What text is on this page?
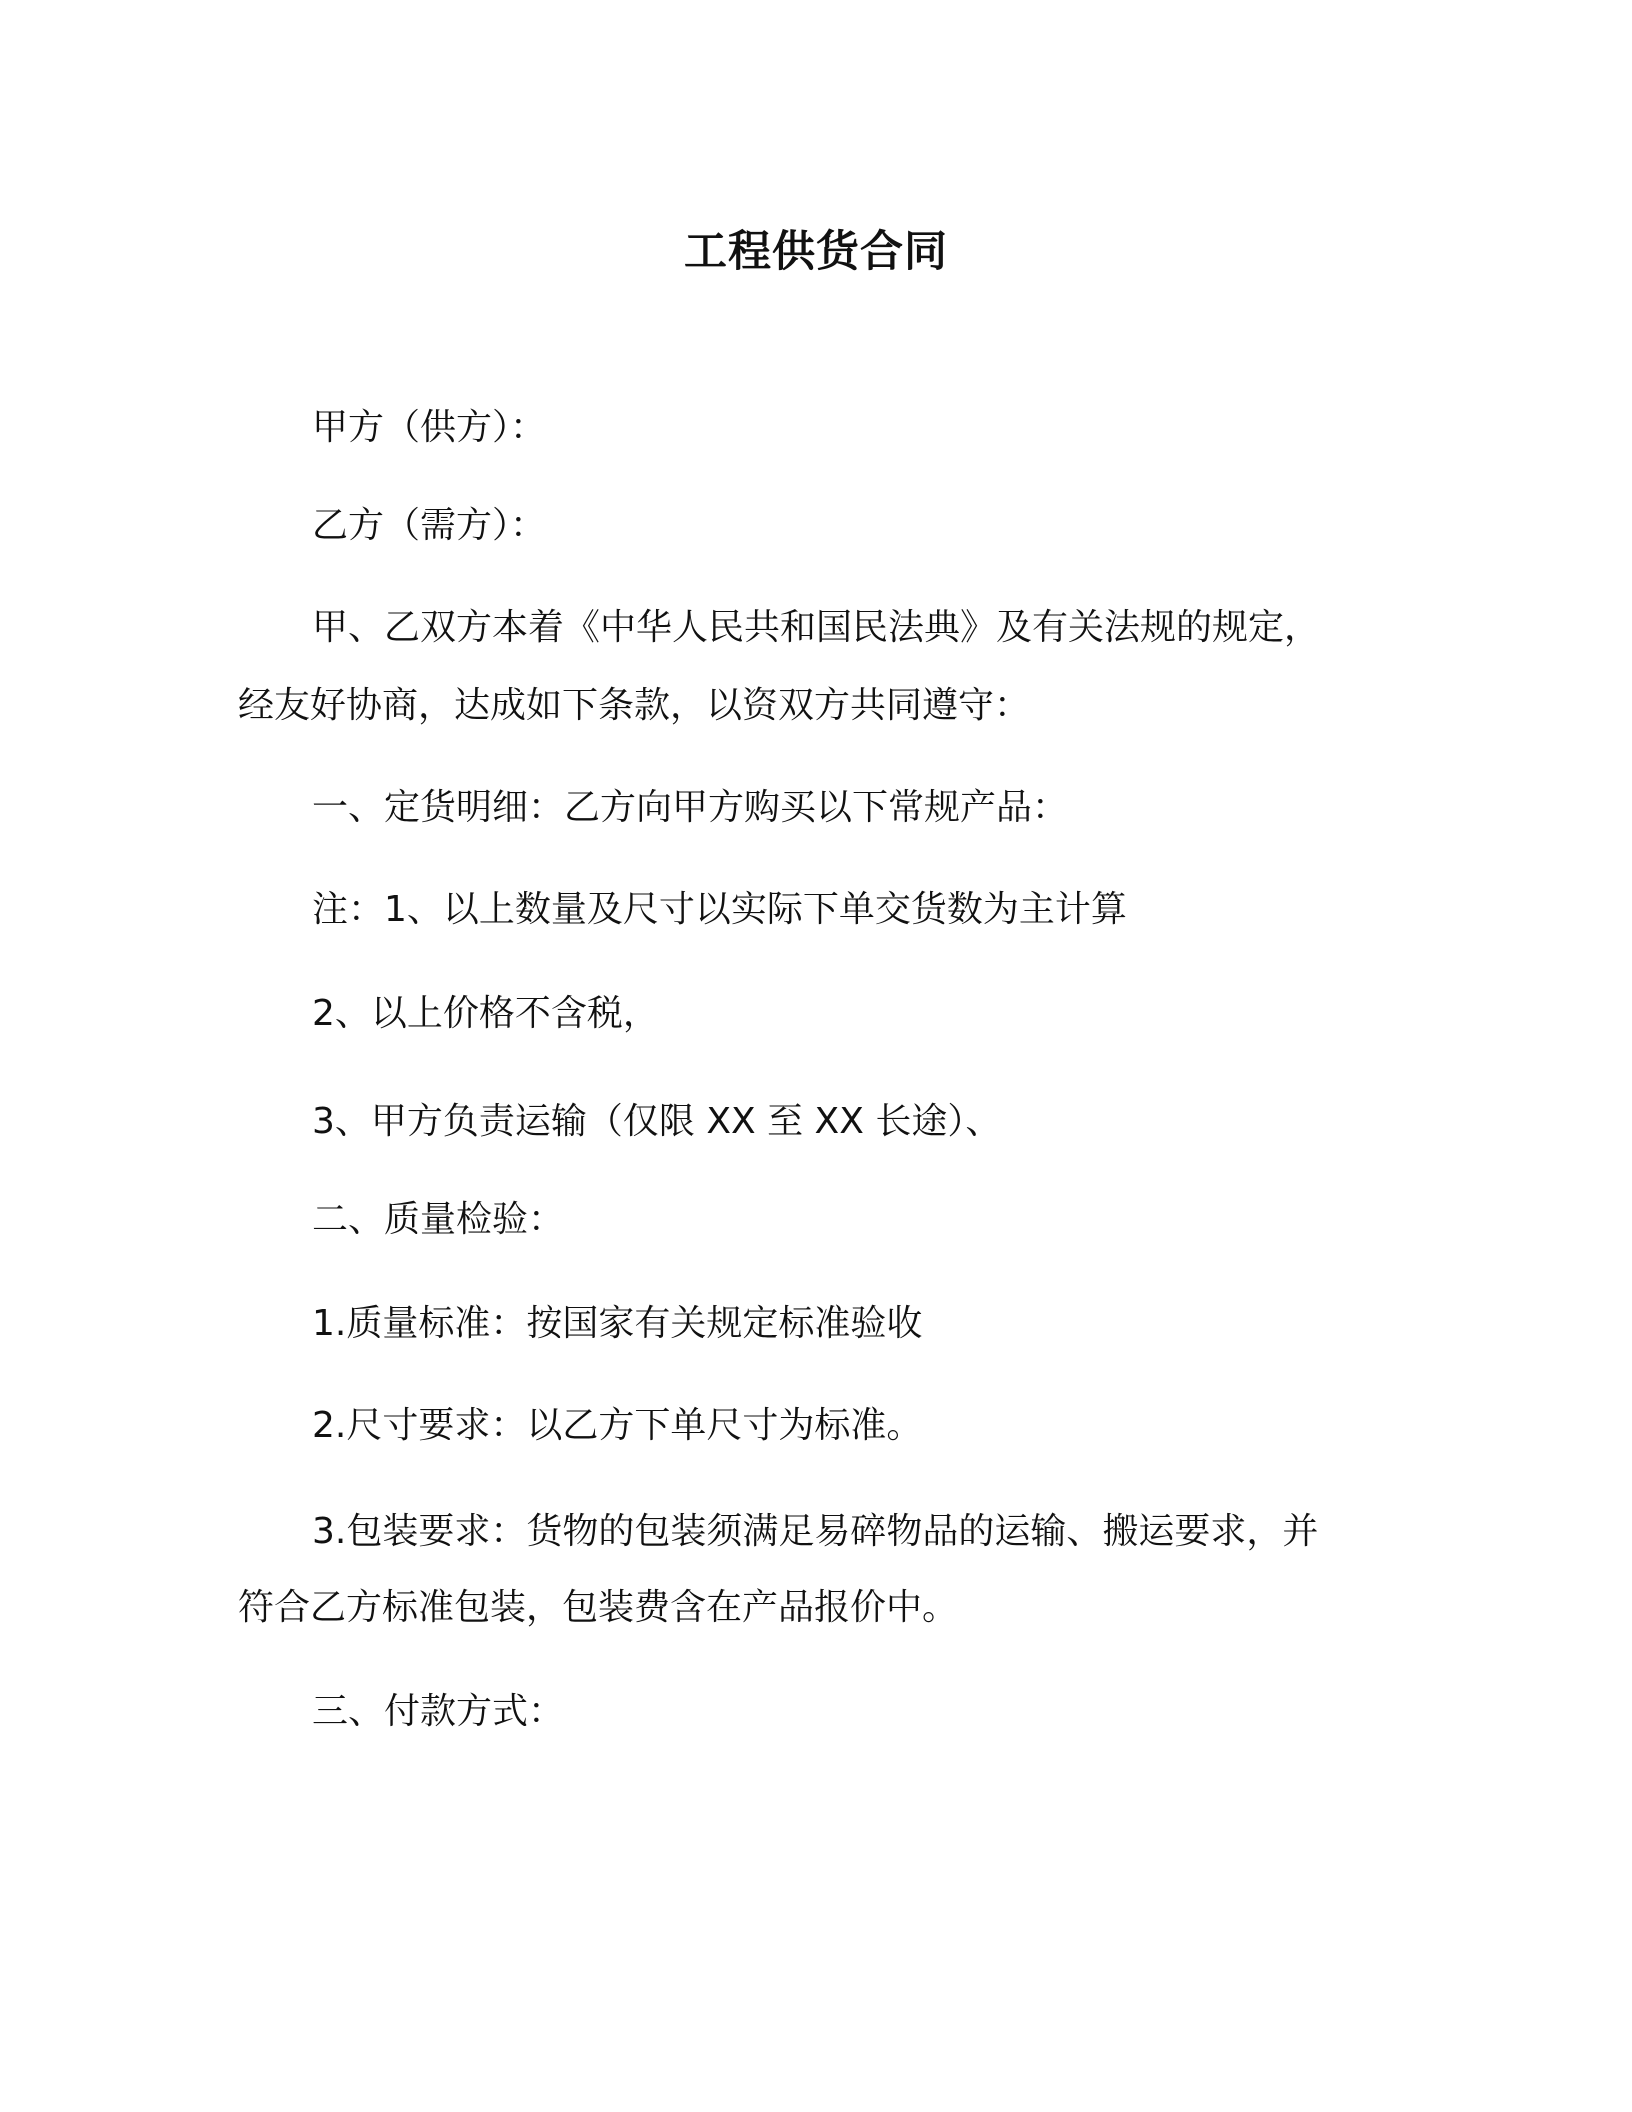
工程供货合同
甲方（供方）：
乙方（需方）：
甲、乙双方本着《中华人民共和国民法典》及有关法规的规定，
经友好协商，达成如下条款，以资双方共同遵守：
一、定货明细：乙方向甲方购买以下常规产品：
注：1、以上数量及尺寸以实际下单交货数为主计算
2、以上价格不含税，
3、甲方负责运输（仅限 XX 至 XX 长途）、
二、质量检验：
1.质量标准：按国家有关规定标准验收
2.尺寸要求：以乙方下单尺寸为标准。
3.包装要求：货物的包装须满足易碎物品的运输、搬运要求，并
符合乙方标准包装，包装费含在产品报价中。
三、付款方式：
